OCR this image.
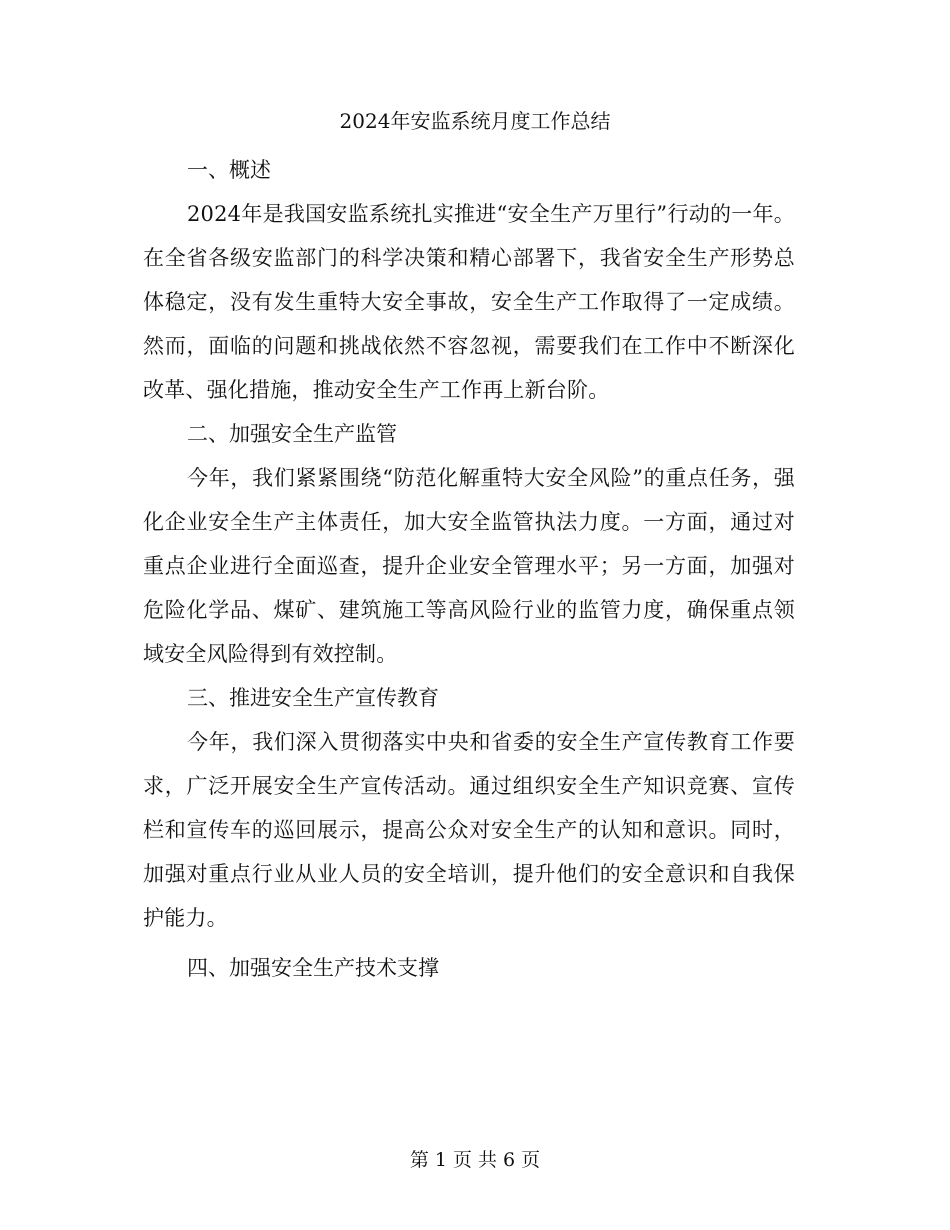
2024年安监系统月度工作总结

一、概述

2024年是我国安监系统扎实推进“安全生产万里行”行动的一年。在全省各级安监部门的科学决策和精心部署下，我省安全生产形势总体稳定，没有发生重特大安全事故，安全生产工作取得了一定成绩。然而，面临的问题和挑战依然不容忽视，需要我们在工作中不断深化改革、强化措施，推动安全生产工作再上新台阶。

二、加强安全生产监管

今年，我们紧紧围绕“防范化解重特大安全风险”的重点任务，强化企业安全生产主体责任，加大安全监管执法力度。一方面，通过对重点企业进行全面巡查，提升企业安全管理水平；另一方面，加强对危险化学品、煤矿、建筑施工等高风险行业的监管力度，确保重点领域安全风险得到有效控制。

三、推进安全生产宣传教育

今年，我们深入贯彻落实中央和省委的安全生产宣传教育工作要求，广泛开展安全生产宣传活动。通过组织安全生产知识竞赛、宣传栏和宣传车的巡回展示，提高公众对安全生产的认知和意识。同时，加强对重点行业从业人员的安全培训，提升他们的安全意识和自我保护能力。

四、加强安全生产技术支撑

第 1 页 共 6 页
